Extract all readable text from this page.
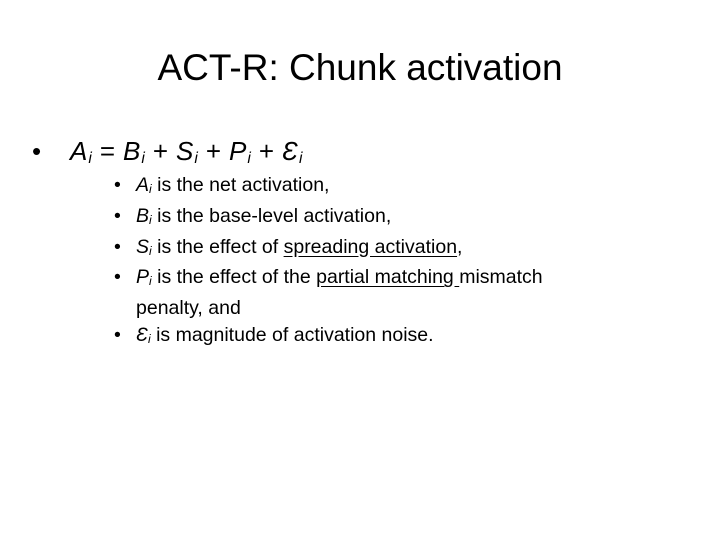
ACT-R: Chunk activation
• $A_i = B_i + S_i + P_i$ + $Ɛ_i$
• Ai is the net activation,
• Bi is the base-level activation,
• Si is the effect of spreading activation,
• Pi is the effect of the partial matching mismatch penalty, and
• Ɛi is magnitude of activation noise.
